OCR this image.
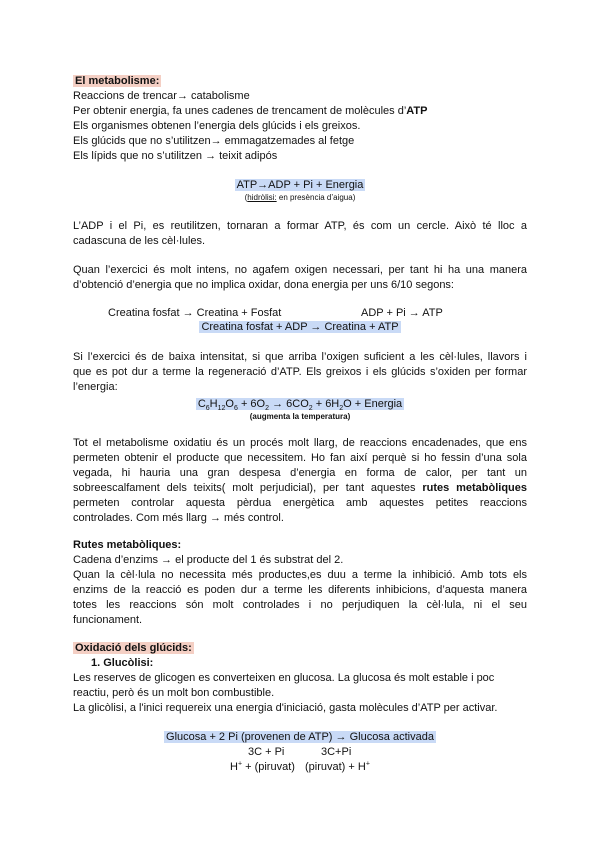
El metabolisme:
Reaccions de trencar→ catabolisme
Per obtenir energia, fa unes cadenes de trencament de molècules d’ATP
Els organismes obtenen l’energia dels glúcids i els greixos.
Els glúcids que no s’utilitzen→ emmagatzemades al fetge
Els lípids que no s’utilitzen → teixit adipós
ATP→ADP + Pi + Energia
(hidròlisi: en presència d’aigua)
L’ADP i el Pi, es reutilitzen, tornaran a formar ATP, és com un cercle. Això té lloc a
cadascuna de les cèl·lules.
Quan l’exercici és molt intens, no agafem oxigen necessari, per tant hi ha una manera
d’obtenció d’energia que no implica oxidar, dona energia per uns 6/10 segons:
Creatina fosfat → Creatina + Fosfat	ADP + Pi → ATP
Creatina fosfat + ADP → Creatina + ATP
Si l’exercici és de baixa intensitat, si que arriba l’oxigen suficient a les cèl·lules, llavors i
que es pot dur a terme la regeneració d’ATP. Els greixos i els glúcids s’oxiden per formar
l’energia:
$C_6H_{12}O_6 + 6O_2 \to 6CO_2 + 6H_2O$ + Energia
(augmenta la temperatura)
Tot el metabolisme oxidatiu és un procés molt llarg, de reaccions encadenades, que ens
permeten obtenir el producte que necessitem. Ho fan així perquè si ho fessin d’una sola
vegada, hi hauria una gran despesa d’energia en forma de calor, per tant un
sobreescalfament dels teixits( molt perjudicial), per tant aquestes rutes metabòliques
permeten controlar aquesta pèrdua energètica amb aquestes petites reaccions
controlades. Com més llarg → més control.
Rutes metabòliques:
Cadena d’enzims → el producte del 1 és substrat del 2.
Quan la cèl·lula no necessita més productes,es duu a terme la inhibició. Amb tots els
enzims de la reacció es poden dur a terme les diferents inhibicions, d’aquesta manera
totes les reaccions són molt controlades i no perjudiquen la cèl·lula, ni el seu
funcionament.
Oxidació dels glúcids:
1. Glucòlisi:
Les reserves de glicogen es converteixen en glucosa. La glucosa és molt estable i poc
reactiu, però és un molt bon combustible.
La glicòlisi, a l'inici requereix una energia d'iniciació, gasta molècules d’ATP per activar.
Glucosa + 2 Pi (provenen de ATP) → Glucosa activada
3C + Pi	3C+Pi
H+ + (piruvat) (piruvat) + H+
